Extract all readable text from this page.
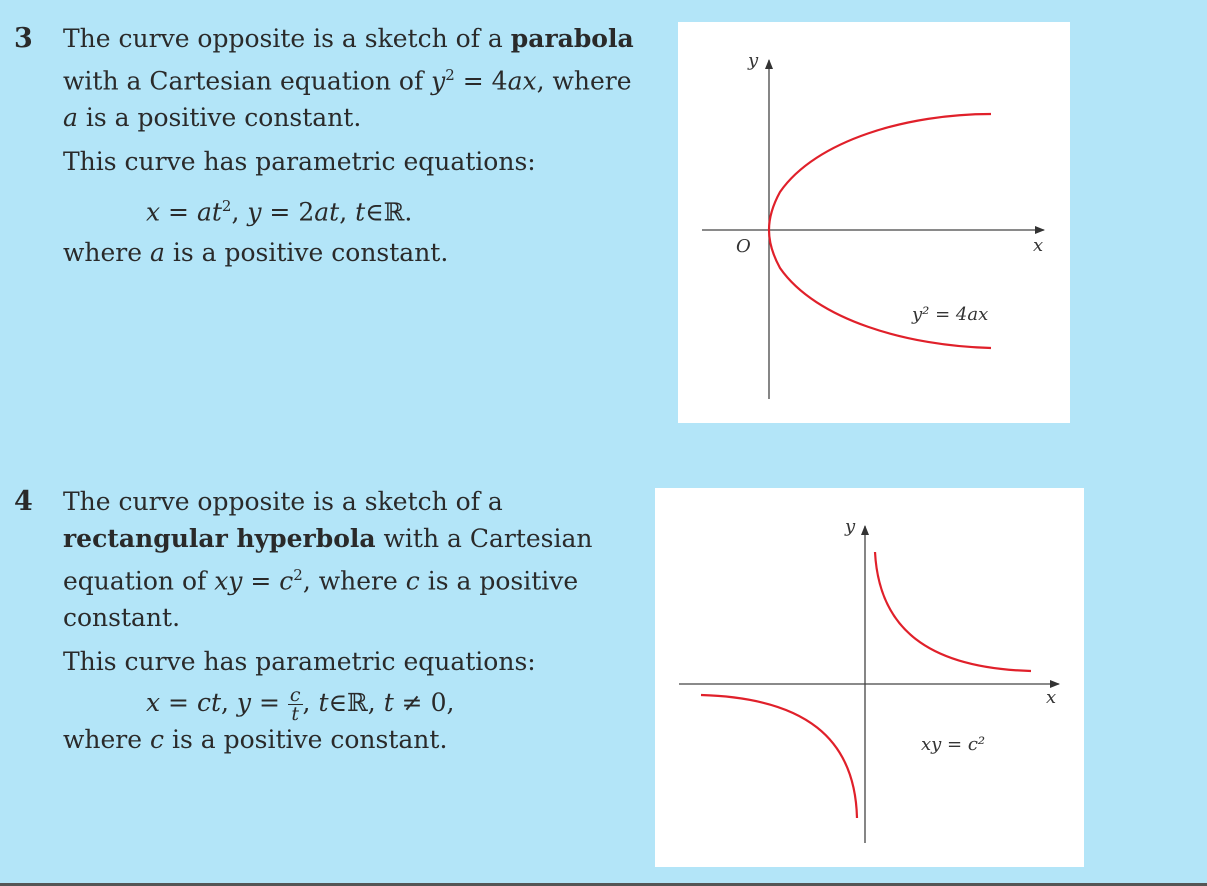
3 The curve opposite is a sketch of a parabola

with a Cartesian equation of $y^2 = 4ax$, where

a is a positive constant.

This curve has parametric equations:

$x = at^2$, y = 2at, t∈ℝ.

where a is a positive constant.

y
x
O
y² = 4ax
4 The curve opposite is a sketch of a

rectangular hyperbola with a Cartesian

equation of xy = $c^2$, where c is a positive

constant.

This curve has parametric equations:

x = ct, $y = \frac{c}{t}$ , t∈ℝ, t ≠ 0,

where c is a positive constant.

y
x
xy = c²
